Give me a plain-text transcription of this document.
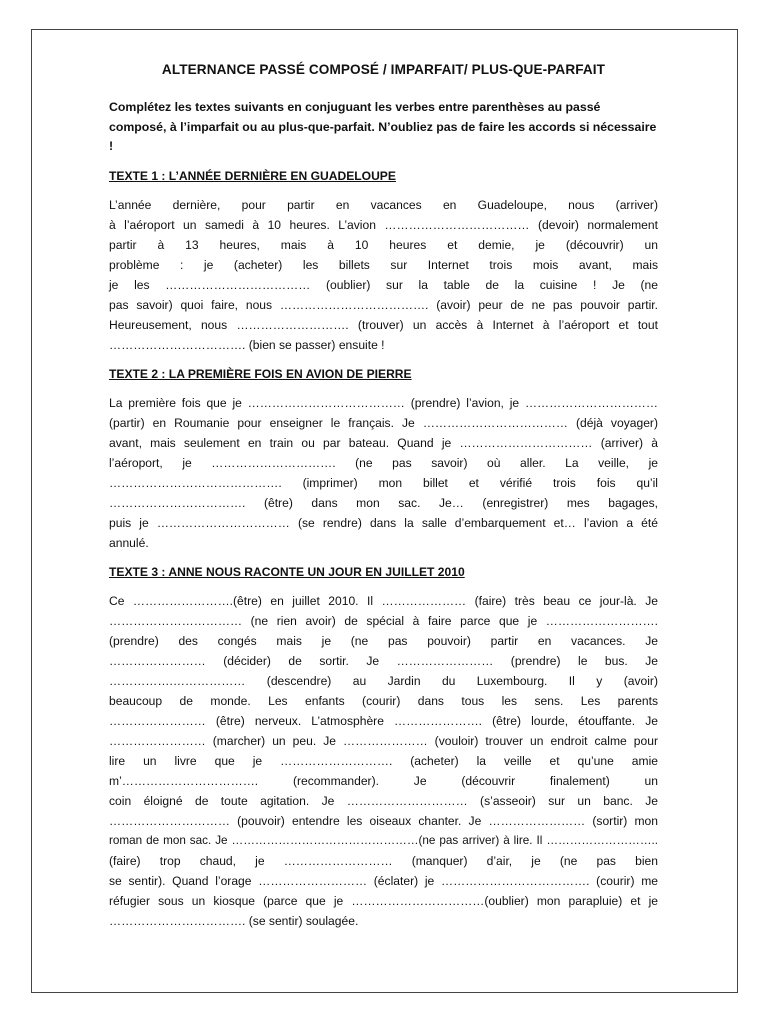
ALTERNANCE PASSÉ COMPOSÉ / IMPARFAIT/ PLUS-QUE-PARFAIT
Complétez les textes suivants en conjuguant les verbes entre parenthèses au passé composé, à l’imparfait ou au plus-que-parfait. N’oubliez pas de faire les accords si nécessaire !
TEXTE 1 : L’ANNÉE DERNIÈRE EN GUADELOUPE
L’année dernière, pour partir en vacances en Guadeloupe, nous (arriver)
à l’aéroport un samedi à 10 heures. L’avion ……………………………… (devoir) normalement
partir à 13 heures, mais à 10 heures et demie, je (découvrir) un
problème : je (acheter) les billets sur Internet trois mois avant, mais
je les ……………………………… (oublier) sur la table de la cuisine ! Je (ne
pas savoir) quoi faire, nous ………………………………. (avoir) peur de ne pas pouvoir partir.
Heureusement, nous ………………………. (trouver) un accès à Internet à l’aéroport et tout
……………………………. (bien se passer) ensuite !
TEXTE 2 : LA PREMIÈRE FOIS EN AVION DE PIERRE
La première fois que je ………………………………… (prendre) l’avion, je ……………………………
(partir) en Roumanie pour enseigner le français. Je ……………………………… (déjà voyager)
avant, mais seulement en train ou par bateau. Quand je …………………………… (arriver) à
l’aéroport, je …………………………. (ne pas savoir) où aller. La veille, je
……………………………………. (imprimer) mon billet et vérifié trois fois qu’il
……………………………. (être) dans mon sac. Je… (enregistrer) mes bagages,
puis je …………………………… (se rendre) dans la salle d’embarquement et… l’avion a été
annulé.
TEXTE 3 : ANNE NOUS RACONTE UN JOUR EN JUILLET 2010
Ce …………………….(être) en juillet 2010. Il ………………… (faire) très beau ce jour-là. Je
…………………………… (ne rien avoir) de spécial à faire parce que je ……………………….
(prendre) des congés mais je (ne pas pouvoir) partir en vacances. Je
…………………… (décider) de sortir. Je …………………… (prendre) le bus. Je
…………….……………… (descendre) au Jardin du Luxembourg. Il y (avoir)
beaucoup de monde. Les enfants (courir) dans tous les sens. Les parents
…………………… (être) nerveux. L’atmosphère …………………. (être) lourde, étouffante. Je
…………………… (marcher) un peu. Je ………………… (vouloir) trouver un endroit calme pour
lire un livre que je ………………………. (acheter) la veille et qu’une amie
m’……………………………. (recommander). Je (découvrir finalement) un
coin éloigné de toute agitation. Je ………………………… (s’asseoir) sur un banc. Je
………………………… (pouvoir) entendre les oiseaux chanter. Je …………………… (sortir) mon
roman de mon sac. Je …………………………………………(ne pas arriver) à lire. Il ………………………..
(faire) trop chaud, je ……………………… (manquer) d’air, je (ne pas bien
se sentir). Quand l’orage ……………………… (éclater) je ………………………………. (courir) me
réfugier sous un kiosque (parce que je ……………………………(oublier) mon parapluie) et je
……………………………. (se sentir) soulagée.
